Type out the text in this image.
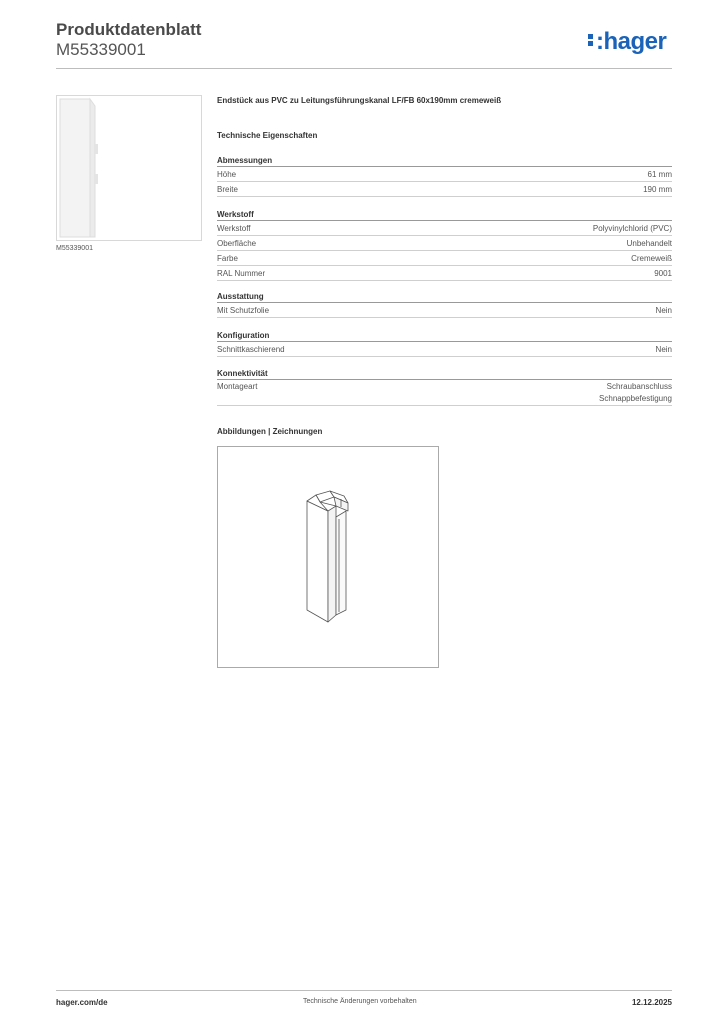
Produktdatenblatt
M55339001	:hager
M55339001
Endstück aus PVC zu Leitungsführungskanal LF/FB 60x190mm cremeweiß
Technische Eigenschaften
Abmessungen
Höhe	61 mm
Breite	190 mm
Werkstoff
Werkstoff	Polyvinylchlorid (PVC)
Oberfläche	Unbehandelt
Farbe	Cremeweiß
RAL Nummer	9001
Ausstattung
Mit Schutzfolie	Nein
Konfiguration
Schnittkaschierend	Nein
Konnektivität
Montageart	Schraubanschluss
Schnappbefestigung
Abbildungen | Zeichnungen
hager.com/de	Technische Änderungen vorbehalten	12.12.2025
